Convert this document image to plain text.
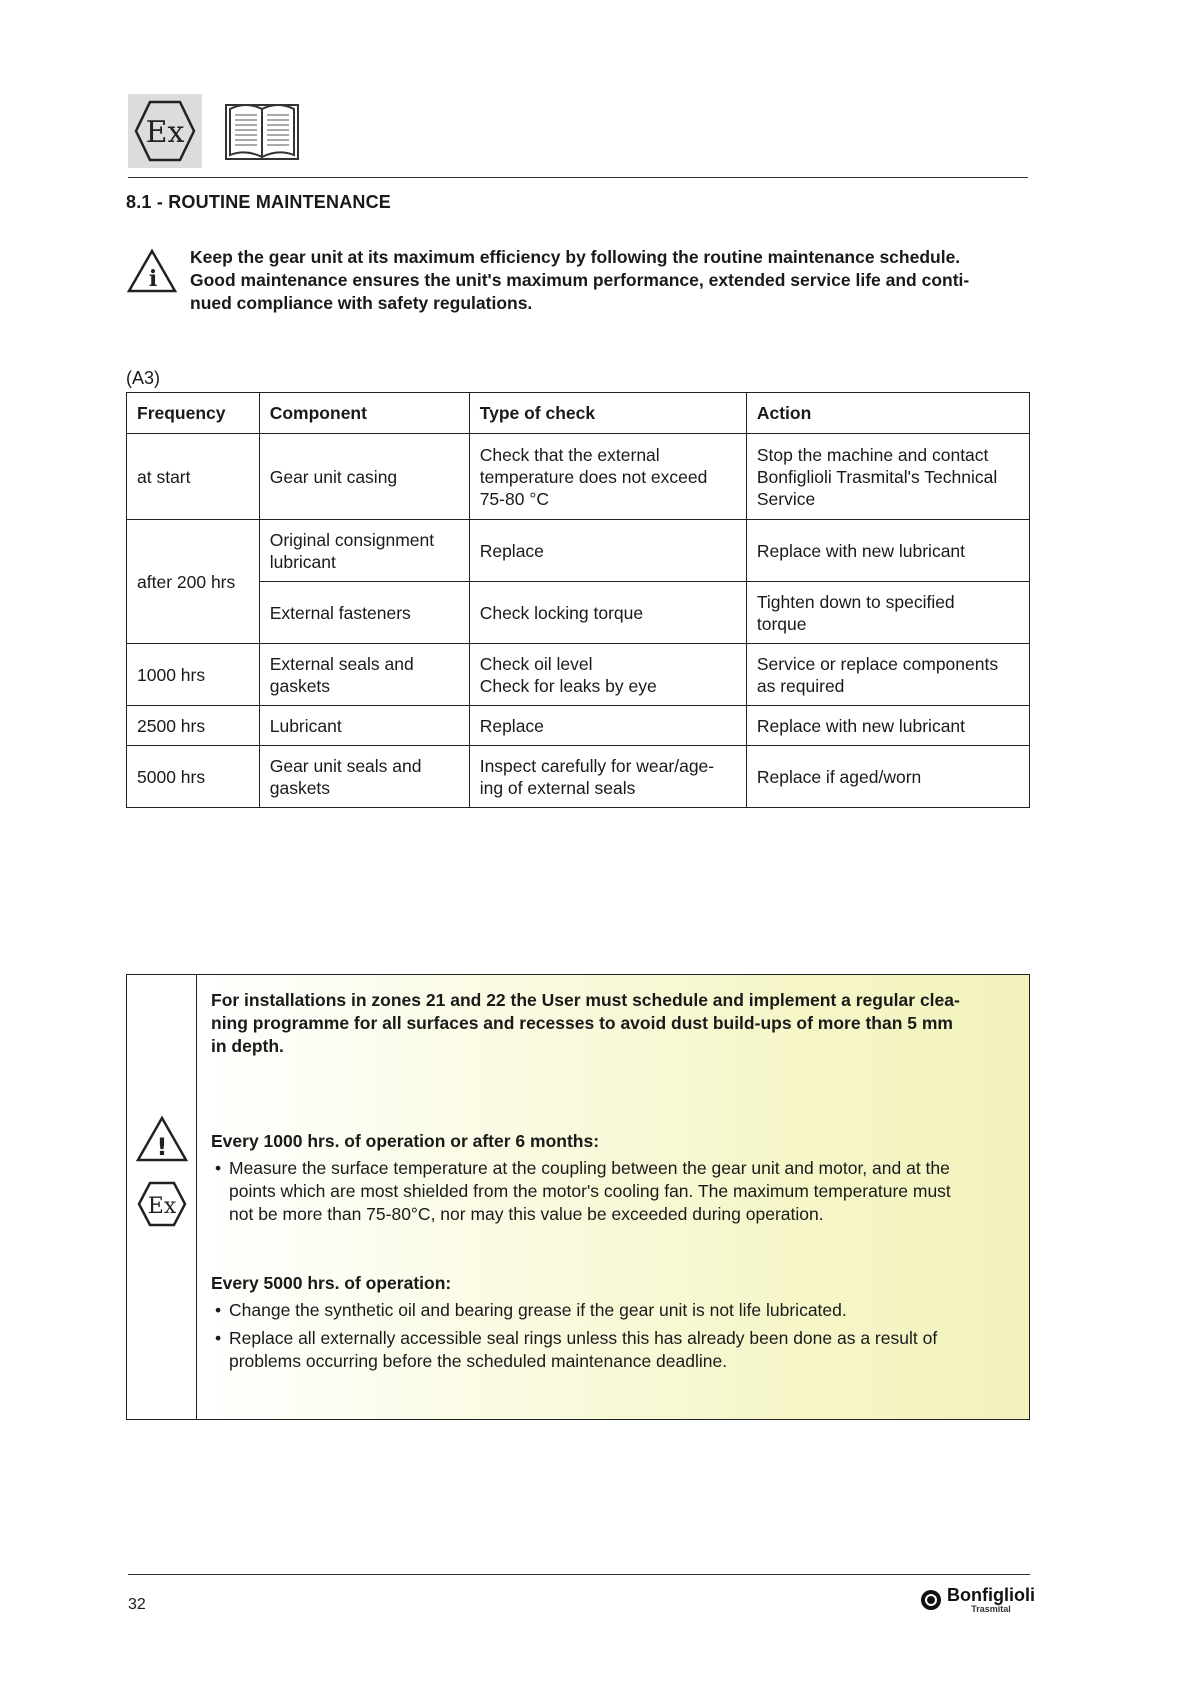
Ex
8.1 - ROUTINE MAINTENANCE
i

Keep the gear unit at its maximum efficiency by following the routine maintenance schedule.

Good maintenance ensures the unit's maximum performance, extended service life and conti-

nued compliance with safety regulations.

(A3)
Frequency	Component	Type of check	Action
at start	Gear unit casing	Check that the external
temperature does not exceed
75-80 °C	Stop the machine and contact
Bonfiglioli Trasmital's Technical
Service

after 200 hrs	Original consignment
lubricant	Replace	Replace with new lubricant
	External fasteners	Check locking torque	Tighten down to specified
torque

1000 hrs	External seals and
gaskets	Check oil level
Check for leaks by eye	Service or replace components
as required

2500 hrs	Lubricant	Replace	Replace with new lubricant
5000 hrs	Gear unit seals and
gaskets	Inspect carefully for wear/age-
ing of external seals	Replace if aged/worn
!
Ex

For installations in zones 21 and 22 the User must schedule and implement a regular clea-

ning programme for all surfaces and recesses to avoid dust build-ups of more than 5 mm

in depth.

Every 1000 hrs. of operation or after 6 months:

• Measure the surface temperature at the coupling between the gear unit and motor, and at the
points which are most shielded from the motor's cooling fan. The maximum temperature must
not be more than 75-80°C, nor may this value be exceeded during operation.

Every 5000 hrs. of operation:

• Change the synthetic oil and bearing grease if the gear unit is not life lubricated.
• Replace all externally accessible seal rings unless this has already been done as a result of
problems occurring before the scheduled maintenance deadline.
32	Bonfiglioli
Trasmital
